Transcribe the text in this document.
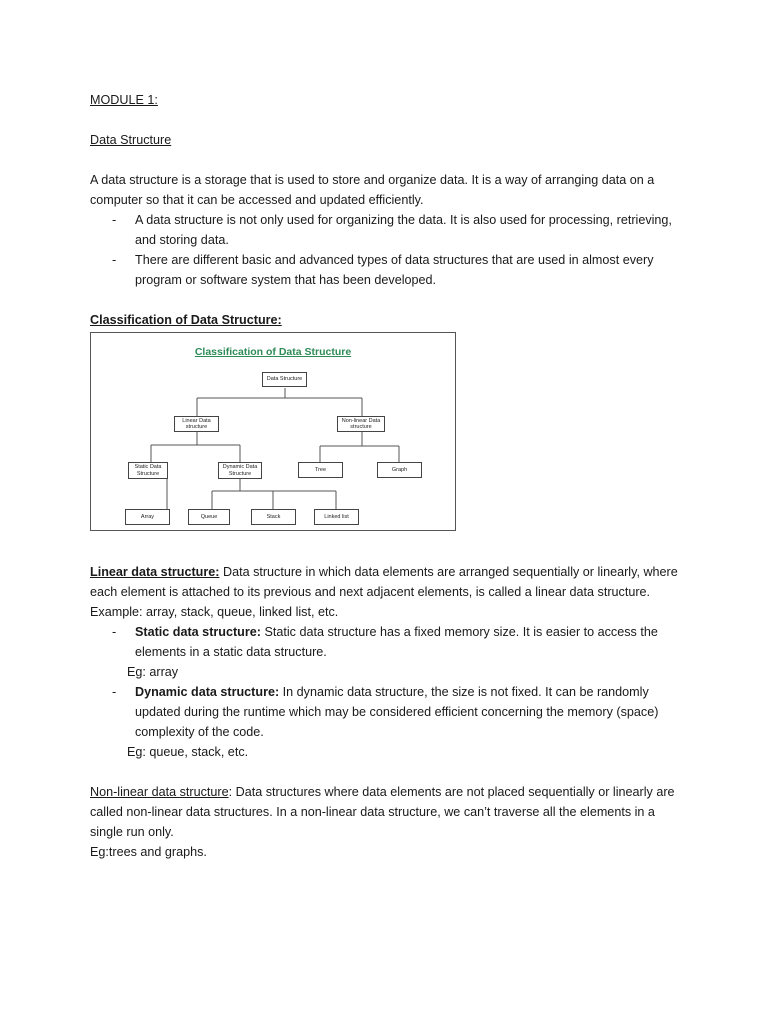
MODULE 1:

Data Structure

A data structure is a storage that is used to store and organize data. It is a way of arranging data on a computer so that it can be accessed and updated efficiently.

- A data structure is not only used for organizing the data. It is also used for processing, retrieving, and storing data.
- There are different basic and advanced types of data structures that are used in almost every program or software system that has been developed.

Classification of Data Structure:

Linear data structure: Data structure in which data elements are arranged sequentially or linearly, where each element is attached to its previous and next adjacent elements, is called a linear data structure.

Example: array, stack, queue, linked list, etc.

- Static data structure: Static data structure has a fixed memory size. It is easier to access the elements in a static data structure.

Eg: array

- Dynamic data structure: In dynamic data structure, the size is not fixed. It can be randomly updated during the runtime which may be considered efficient concerning the memory (space) complexity of the code.

Eg: queue, stack, etc.

Non-linear data structure: Data structures where data elements are not placed sequentially or linearly are called non-linear data structures. In a non-linear data structure, we can’t traverse all the elements in a single run only.

Eg:trees and graphs.

Classification of Data Structure
Data Structure
Linear Data structure
Non-linear Data structure
Static Data Structure
Dynamic Data Structure
Tree	Graph
Array	Queue	Stack	Linked list
